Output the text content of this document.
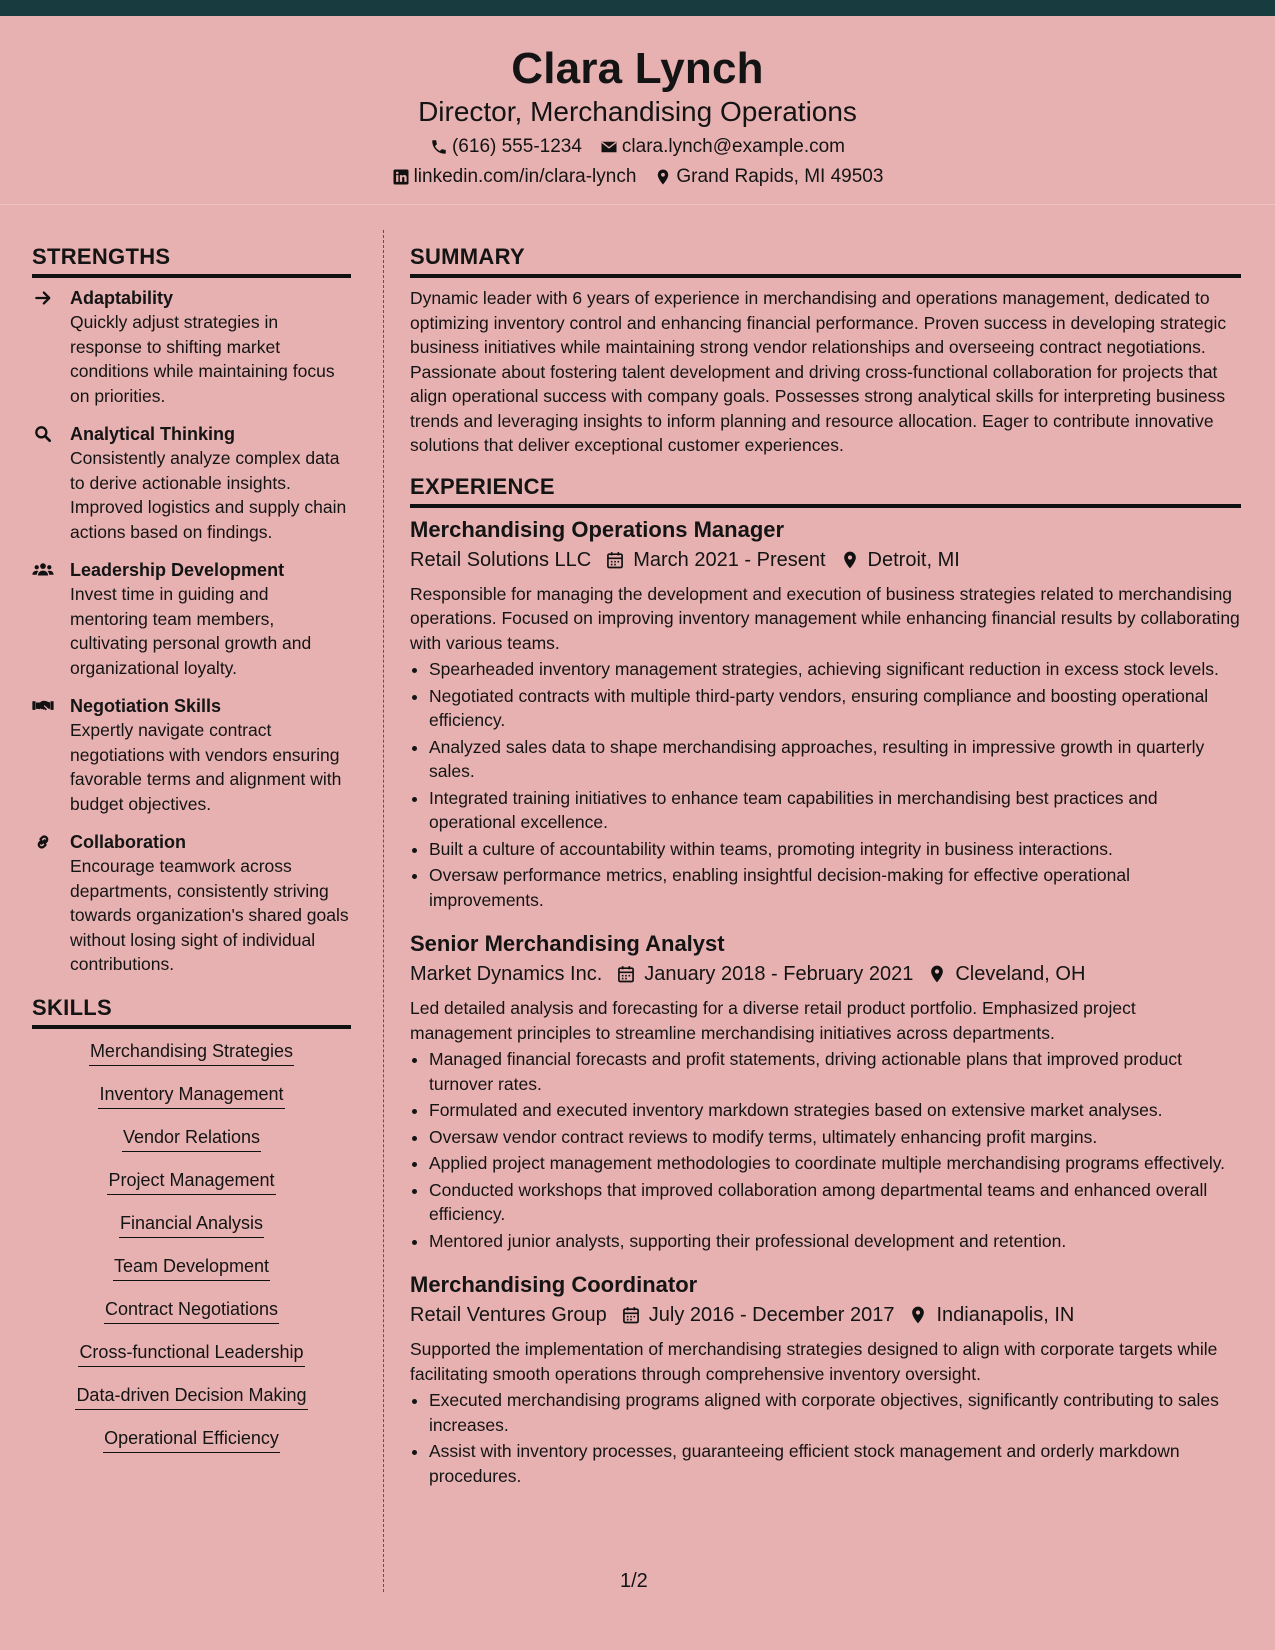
Clara Lynch
Director, Merchandising Operations
(616) 555-1234 clara.lynch@example.com
linkedin.com/in/clara-lynch Grand Rapids, MI 49503
STRENGTHS
Adaptability
Quickly adjust strategies in response to shifting market conditions while maintaining focus on priorities.
Analytical Thinking
Consistently analyze complex data to derive actionable insights. Improved logistics and supply chain actions based on findings.
Leadership Development
Invest time in guiding and mentoring team members, cultivating personal growth and organizational loyalty.
Negotiation Skills
Expertly navigate contract negotiations with vendors ensuring favorable terms and alignment with budget objectives.
Collaboration
Encourage teamwork across departments, consistently striving towards organization's shared goals without losing sight of individual contributions.
SKILLS
Merchandising Strategies
Inventory Management
Vendor Relations
Project Management
Financial Analysis
Team Development
Contract Negotiations
Cross-functional Leadership
Data-driven Decision Making
Operational Efficiency
SUMMARY
Dynamic leader with 6 years of experience in merchandising and operations management, dedicated to optimizing inventory control and enhancing financial performance. Proven success in developing strategic business initiatives while maintaining strong vendor relationships and overseeing contract negotiations. Passionate about fostering talent development and driving cross-functional collaboration for projects that align operational success with company goals. Possesses strong analytical skills for interpreting business trends and leveraging insights to inform planning and resource allocation. Eager to contribute innovative solutions that deliver exceptional customer experiences.
EXPERIENCE
Merchandising Operations Manager
Retail Solutions LLC March 2021 - Present Detroit, MI
Responsible for managing the development and execution of business strategies related to merchandising operations. Focused on improving inventory management while enhancing financial results by collaborating with various teams.
• Spearheaded inventory management strategies, achieving significant reduction in excess stock levels.
• Negotiated contracts with multiple third-party vendors, ensuring compliance and boosting operational efficiency.
• Analyzed sales data to shape merchandising approaches, resulting in impressive growth in quarterly sales.
• Integrated training initiatives to enhance team capabilities in merchandising best practices and operational excellence.
• Built a culture of accountability within teams, promoting integrity in business interactions.
• Oversaw performance metrics, enabling insightful decision-making for effective operational improvements.
Senior Merchandising Analyst
Market Dynamics Inc. January 2018 - February 2021 Cleveland, OH
Led detailed analysis and forecasting for a diverse retail product portfolio. Emphasized project management principles to streamline merchandising initiatives across departments.
• Managed financial forecasts and profit statements, driving actionable plans that improved product turnover rates.
• Formulated and executed inventory markdown strategies based on extensive market analyses.
• Oversaw vendor contract reviews to modify terms, ultimately enhancing profit margins.
• Applied project management methodologies to coordinate multiple merchandising programs effectively.
• Conducted workshops that improved collaboration among departmental teams and enhanced overall efficiency.
• Mentored junior analysts, supporting their professional development and retention.
Merchandising Coordinator
Retail Ventures Group July 2016 - December 2017 Indianapolis, IN
Supported the implementation of merchandising strategies designed to align with corporate targets while facilitating smooth operations through comprehensive inventory oversight.
• Executed merchandising programs aligned with corporate objectives, significantly contributing to sales increases.
• Assist with inventory processes, guaranteeing efficient stock management and orderly markdown procedures.
1/2
